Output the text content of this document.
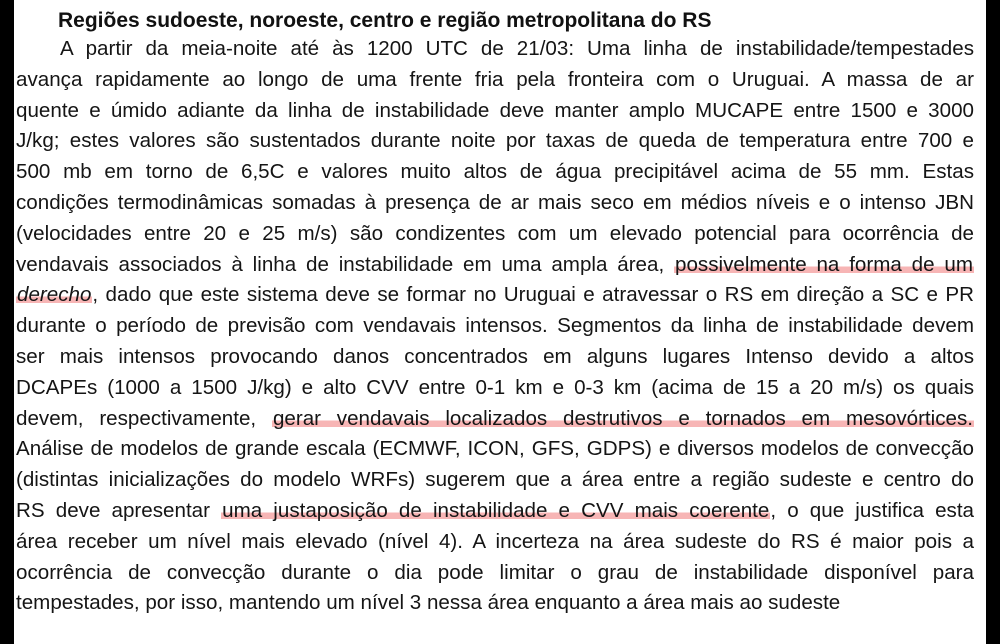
Regiões sudoeste, noroeste, centro e região metropolitana do RS
A partir da meia-noite até às 1200 UTC de 21/03: Uma linha de instabilidade/tempestades
avança rapidamente ao longo de uma frente fria pela fronteira com o Uruguai. A massa de ar
quente e úmido adiante da linha de instabilidade deve manter amplo MUCAPE entre 1500 e 3000
J/kg; estes valores são sustentados durante noite por taxas de queda de temperatura entre 700 e
500 mb em torno de 6,5C e valores muito altos de água precipitável acima de 55 mm. Estas
condições termodinâmicas somadas à presença de ar mais seco em médios níveis e o intenso JBN
(velocidades entre 20 e 25 m/s) são condizentes com um elevado potencial para ocorrência de
vendavais associados à linha de instabilidade em uma ampla área, possivelmente na forma de um
derecho, dado que este sistema deve se formar no Uruguai e atravessar o RS em direção a SC e PR
durante o período de previsão com vendavais intensos. Segmentos da linha de instabilidade devem
ser mais intensos provocando danos concentrados em alguns lugares Intenso devido a altos
DCAPEs (1000 a 1500 J/kg) e alto CVV entre 0-1 km e 0-3 km (acima de 15 a 20 m/s) os quais
devem, respectivamente, gerar vendavais localizados destrutivos e tornados em mesovórtices.
Análise de modelos de grande escala (ECMWF, ICON, GFS, GDPS) e diversos modelos de convecção
(distintas inicializações do modelo WRFs) sugerem que a área entre a região sudeste e centro do
RS deve apresentar uma justaposição de instabilidade e CVV mais coerente, o que justifica esta
área receber um nível mais elevado (nível 4). A incerteza na área sudeste do RS é maior pois a
ocorrência de convecção durante o dia pode limitar o grau de instabilidade disponível para
tempestades, por isso, mantendo um nível 3 nessa área enquanto a área mais ao sudeste
